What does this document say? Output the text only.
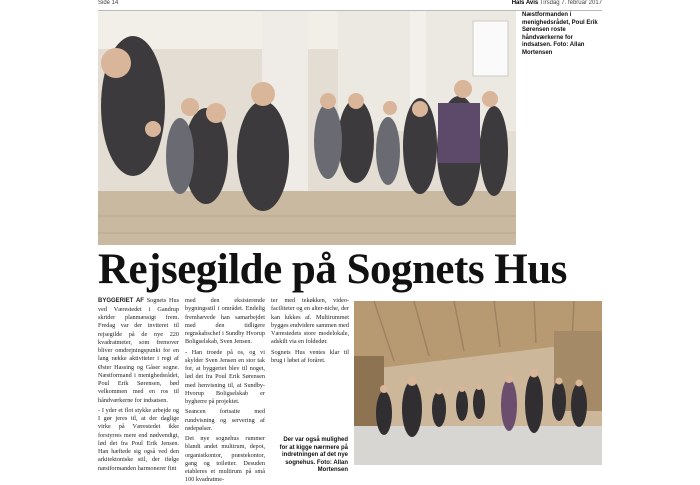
Side 14	Hals Avis Tirsdag 7. februar 2017
Næstformanden i menighedsrådet, Poul Erik Sørensen roste håndværkerne for indsatsen. Foto: Allan Mortensen
Rejsegilde på Sognets Hus

BYGGERIET AF Sognets Hus ved Værestedet i Gandrup skrider planmæssigt frem. Fredag var der inviteret til rejsegilde på de nye 220 kvadratmeter, som fremover bliver omdrejningspunkt for en lang række aktiviteter i regi af Øster Hassing og Gåser sogne. Næstformand i menighedsrådet, Poul Erik Sørensen, bød velkommen med en ros til håndværkerne for indsatsen.

- I yder et flot stykke arbejde og I gør jeres til, at der daglige virke på Værestedet ikke forstyrres mere end nødvendigt, lød det fra Poul Erik Jensen. Han hæftede sig også ved den arkitektoniske stil, der ifølge næstformanden harmonerer fint

med den eksisterende bygningsstil i området. Endelig fremhævede han samarbejdet med den tidligere regnskabschef i Sundby Hvorup Boligselskab, Sven Jensen.

- Han troede på os, og vi skylder Sven Jensen en stor tak for, at byggeriet blev til noget, lød det fra Poul Erik Sørensen med henvisning til, at Sundby-Hvorup Boligselskab er bygherre på projektet.

Seancen fortsatte med rundvisning og servering af rødepølser.

Det nye sognehus rummer blandt andet multirum, depot, organistkontor, præstekontor, gang og toiletter. Desuden etableres et multirum på små 100 kvadratme-

ter med tekøkken, video-faciliteter og en alter-niche, der kan lukkes af. Multirummet bygges endvidere sammen med Værestedets store modelokale, adskilt via en foldedør.

Sognets Hus ventes klar til brug i løbet af foråret.

Der var også mulighed for at kigge nærmere på indretningen af det nye sognehus. Foto: Allan Mortensen
